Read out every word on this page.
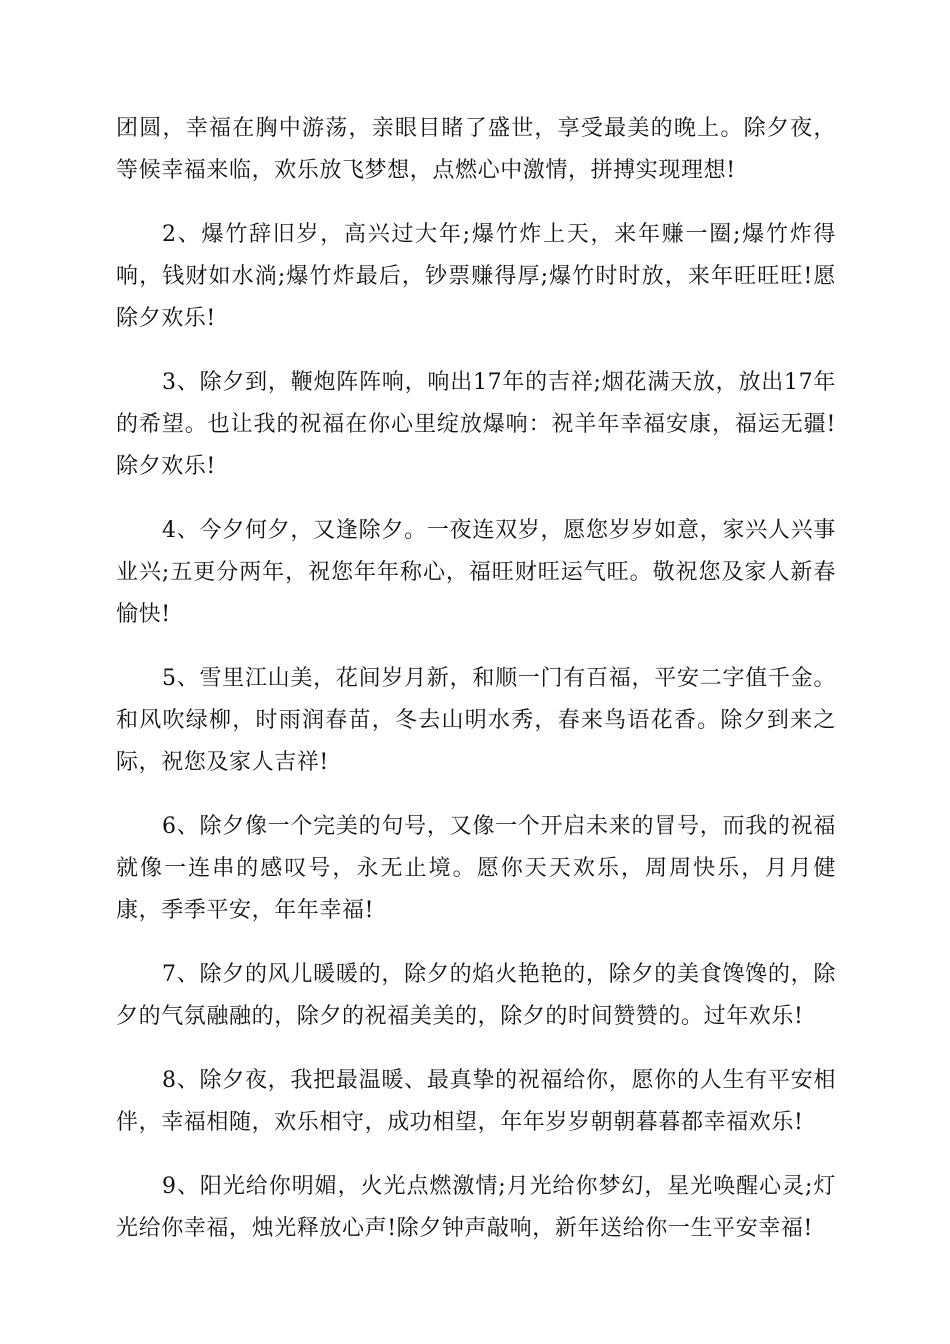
团圆，幸福在胸中游荡，亲眼目睹了盛世，享受最美的晚上。除夕夜，等候幸福来临，欢乐放飞梦想，点燃心中激情，拼搏实现理想!

2、爆竹辞旧岁，高兴过大年;爆竹炸上天，来年赚一圈;爆竹炸得响，钱财如水淌;爆竹炸最后，钞票赚得厚;爆竹时时放，来年旺旺旺!愿除夕欢乐!

3、除夕到，鞭炮阵阵响，响出17年的吉祥;烟花满天放，放出17年的希望。也让我的祝福在你心里绽放爆响：祝羊年幸福安康，福运无疆!除夕欢乐!

4、今夕何夕，又逢除夕。一夜连双岁，愿您岁岁如意，家兴人兴事业兴;五更分两年，祝您年年称心，福旺财旺运气旺。敬祝您及家人新春愉快!

5、雪里江山美，花间岁月新，和顺一门有百福，平安二字值千金。和风吹绿柳，时雨润春苗，冬去山明水秀，春来鸟语花香。除夕到来之际，祝您及家人吉祥!

6、除夕像一个完美的句号，又像一个开启未来的冒号，而我的祝福就像一连串的感叹号，永无止境。愿你天天欢乐，周周快乐，月月健康，季季平安，年年幸福!

7、除夕的风儿暖暖的，除夕的焰火艳艳的，除夕的美食馋馋的，除夕的气氛融融的，除夕的祝福美美的，除夕的时间赞赞的。过年欢乐!

8、除夕夜，我把最温暖、最真挚的祝福给你，愿你的人生有平安相伴，幸福相随，欢乐相守，成功相望，年年岁岁朝朝暮暮都幸福欢乐!

9、阳光给你明媚，火光点燃激情;月光给你梦幻，星光唤醒心灵;灯光给你幸福，烛光释放心声!除夕钟声敲响，新年送给你一生平安幸福!
